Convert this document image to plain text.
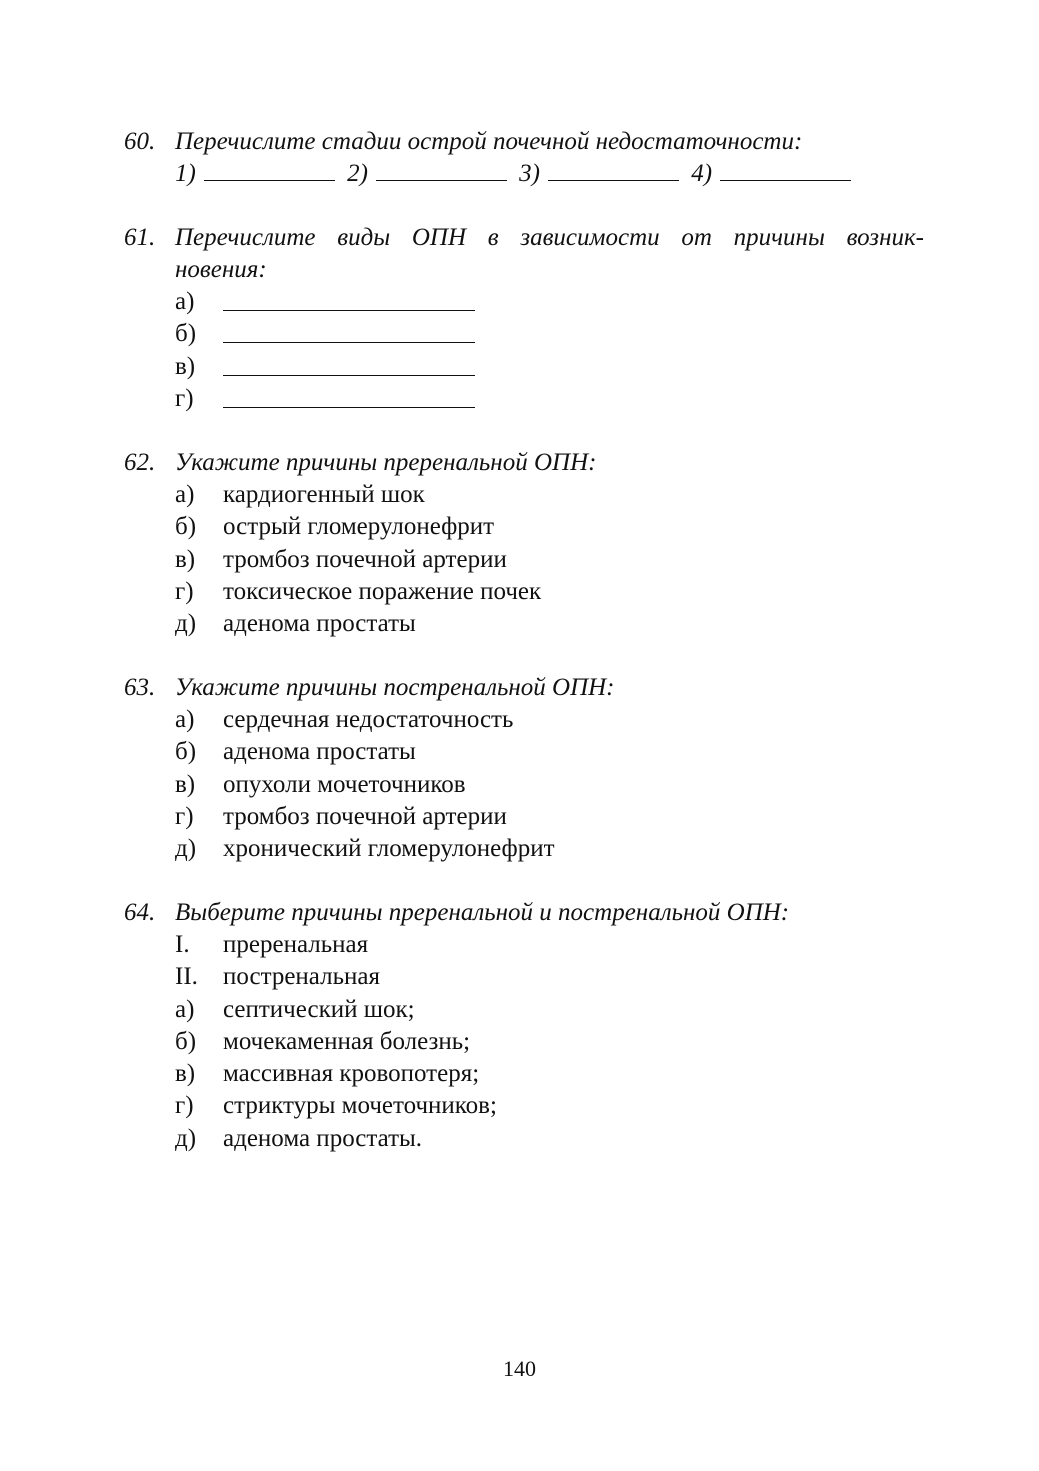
60. Перечислите стадии острой почечной недостаточности:
1)	2)	3)	4)
61. Перечислите виды ОПН в зависимости от причины возник-
новения:
а)
б)
в)
г)
62. Укажите причины преренальной ОПН:
а)	кардиогенный шок
б)	острый гломерулонефрит
в)	тромбоз почечной артерии
г)	токсическое поражение почек
д)	аденома простаты
63. Укажите причины постренальной ОПН:
а)	сердечная недостаточность
б)	аденома простаты
в)	опухоли мочеточников
г)	тромбоз почечной артерии
д)	хронический гломерулонефрит
64. Выберите причины преренальной и постренальной ОПН:
I.	преренальная
II.	постренальная
а)	септический шок;
б)	мочекаменная болезнь;
в)	массивная кровопотеря;
г)	стриктуры мочеточников;
д)	аденома простаты.
140
